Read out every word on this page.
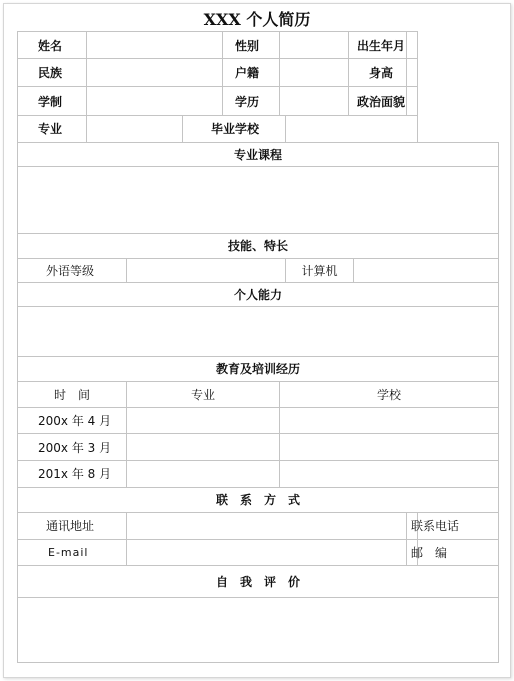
XXX 个人简历
姓名				性别			出生年月			
民族				户籍			身高			
学制				学历			政治面貌			
专业			毕业学校							
专业课程										

技能、特长										
外语等级						计算机				
个人能力										

教育及培训经历										
时　间		专业			学校					
200x 年 4 月										
200x 年 3 月										
201x 年 8 月										
联系方式										
通讯地址									联系电话	
E-mail									邮　编	
自我评价										
